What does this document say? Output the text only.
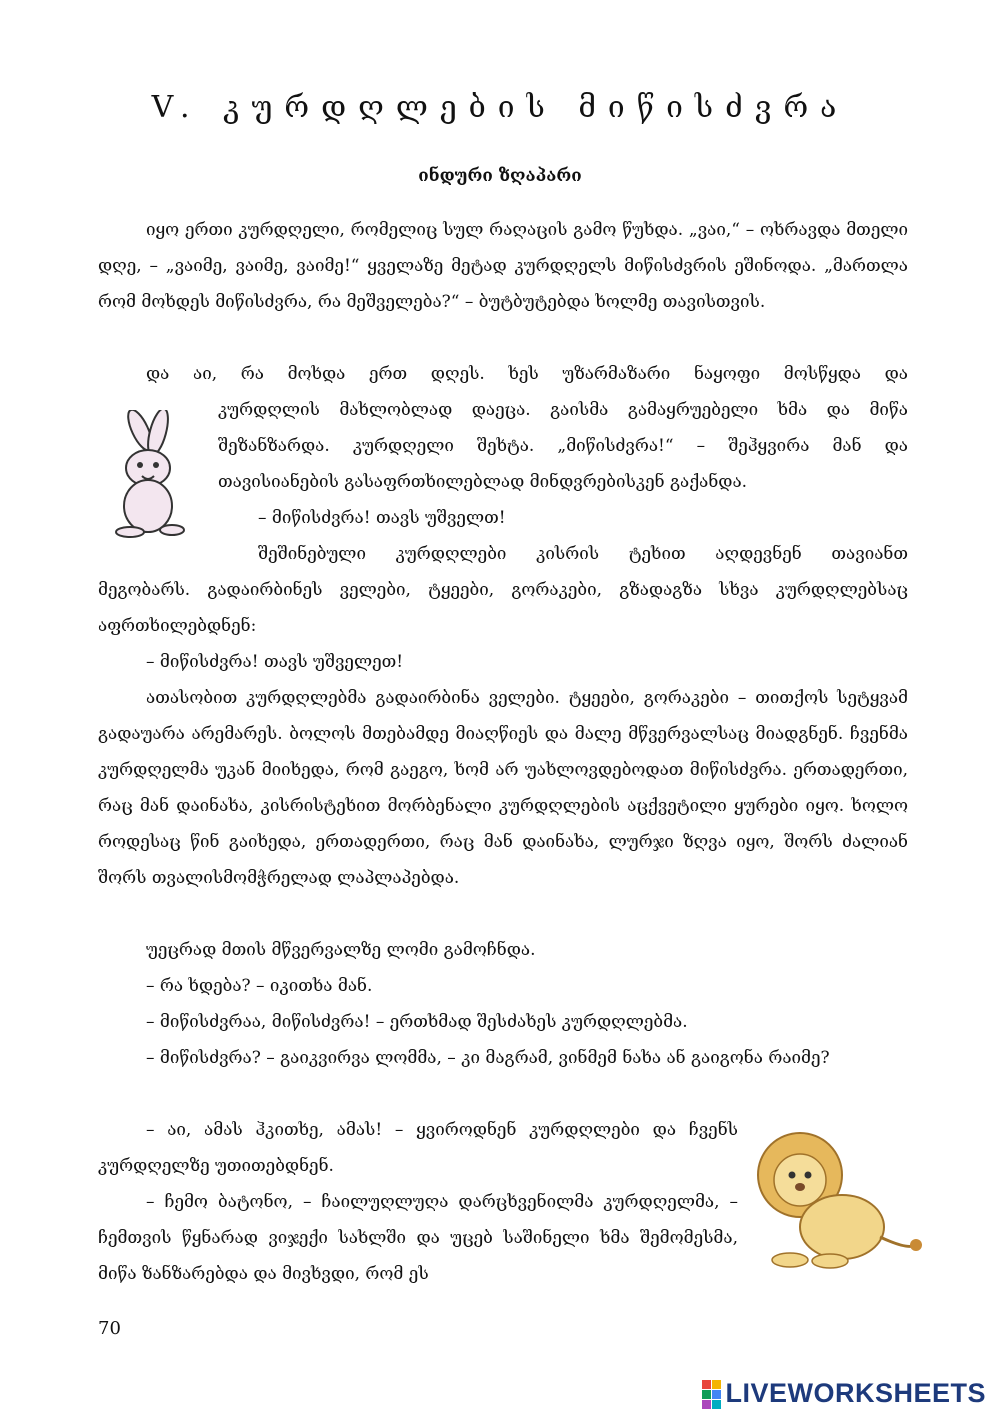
V. კურდღლების მიწისძვრა
ინდური ზღაპარი

იყო ერთი კურდღელი, რომელიც სულ რაღაცის გამო წუხდა. „ვაი,“ – ოხრავდა მთელი დღე, – „ვაიმე, ვაიმე, ვაიმე!“ ყველაზე მეტად კურდღელს მიწისძვრის ეშინოდა. „მართლა რომ მოხდეს მიწისძვრა, რა მეშველება?“ – ბუტბუტებდა ხოლმე თავისთვის.

და აი, რა მოხდა ერთ დღეს. ხეს უზარმაზარი ნაყოფი მოსწყდა და

კურდღლის მახლობლად დაეცა. გაისმა გამაყრუებელი ხმა და მიწა შეზანზარდა. კურდღელი შეხტა. „მიწისძვრა!“ – შეჰყვირა მან და თავისიანების გასაფრთხილებლად მინდვრებისკენ გაქანდა.

– მიწისძვრა! თავს უშველთ!

შეშინებული კურდღლები კისრის ტეხით აღდევნენ თავიანთ

მეგობარს. გადაირბინეს ველები, ტყეები, გორაკები, გზადაგზა სხვა კურდღლებსაც აფრთხილებდნენ:

– მიწისძვრა! თავს უშველეთ!

ათასობით კურდღლებმა გადაირბინა ველები. ტყეები, გორაკები – თითქოს სეტყვამ გადაუარა არემარეს. ბოლოს მთებამდე მიაღწიეს და მალე მწვერვალსაც მიადგნენ. ჩვენმა კურდღელმა უკან მიიხედა, რომ გაეგო, ხომ არ უახლოვდებოდათ მიწისძვრა. ერთადერთი, რაც მან დაინახა, კისრისტეხით მორბენალი კურდღლების აცქვეტილი ყურები იყო. ხოლო როდესაც წინ გაიხედა, ერთადერთი, რაც მან დაინახა, ლურჯი ზღვა იყო, შორს ძალიან შორს თვალისმომჭრელად ლაპლაპებდა.

უეცრად მთის მწვერვალზე ლომი გამოჩნდა.

– რა ხდება? – იკითხა მან.

– მიწისძვრაა, მიწისძვრა! – ერთხმად შესძახეს კურდღლებმა.

– მიწისძვრა? – გაიკვირვა ლომმა, – კი მაგრამ, ვინმემ ნახა ან გაიგონა რაიმე?

– აი, ამას ჰკითხე, ამას! – ყვიროდნენ კურდღლები და ჩვენს კურდღელზე უთითებდნენ.

– ჩემო ბატონო, – ჩაილუღლუღა დარცხვენილმა კურდღელმა, – ჩემთვის წყნარად ვიჯექი სახლში და უცებ საშინელი ხმა შემომესმა, მიწა ზანზარებდა და მივხვდი, რომ ეს

70
LIVEWORKSHEETS
